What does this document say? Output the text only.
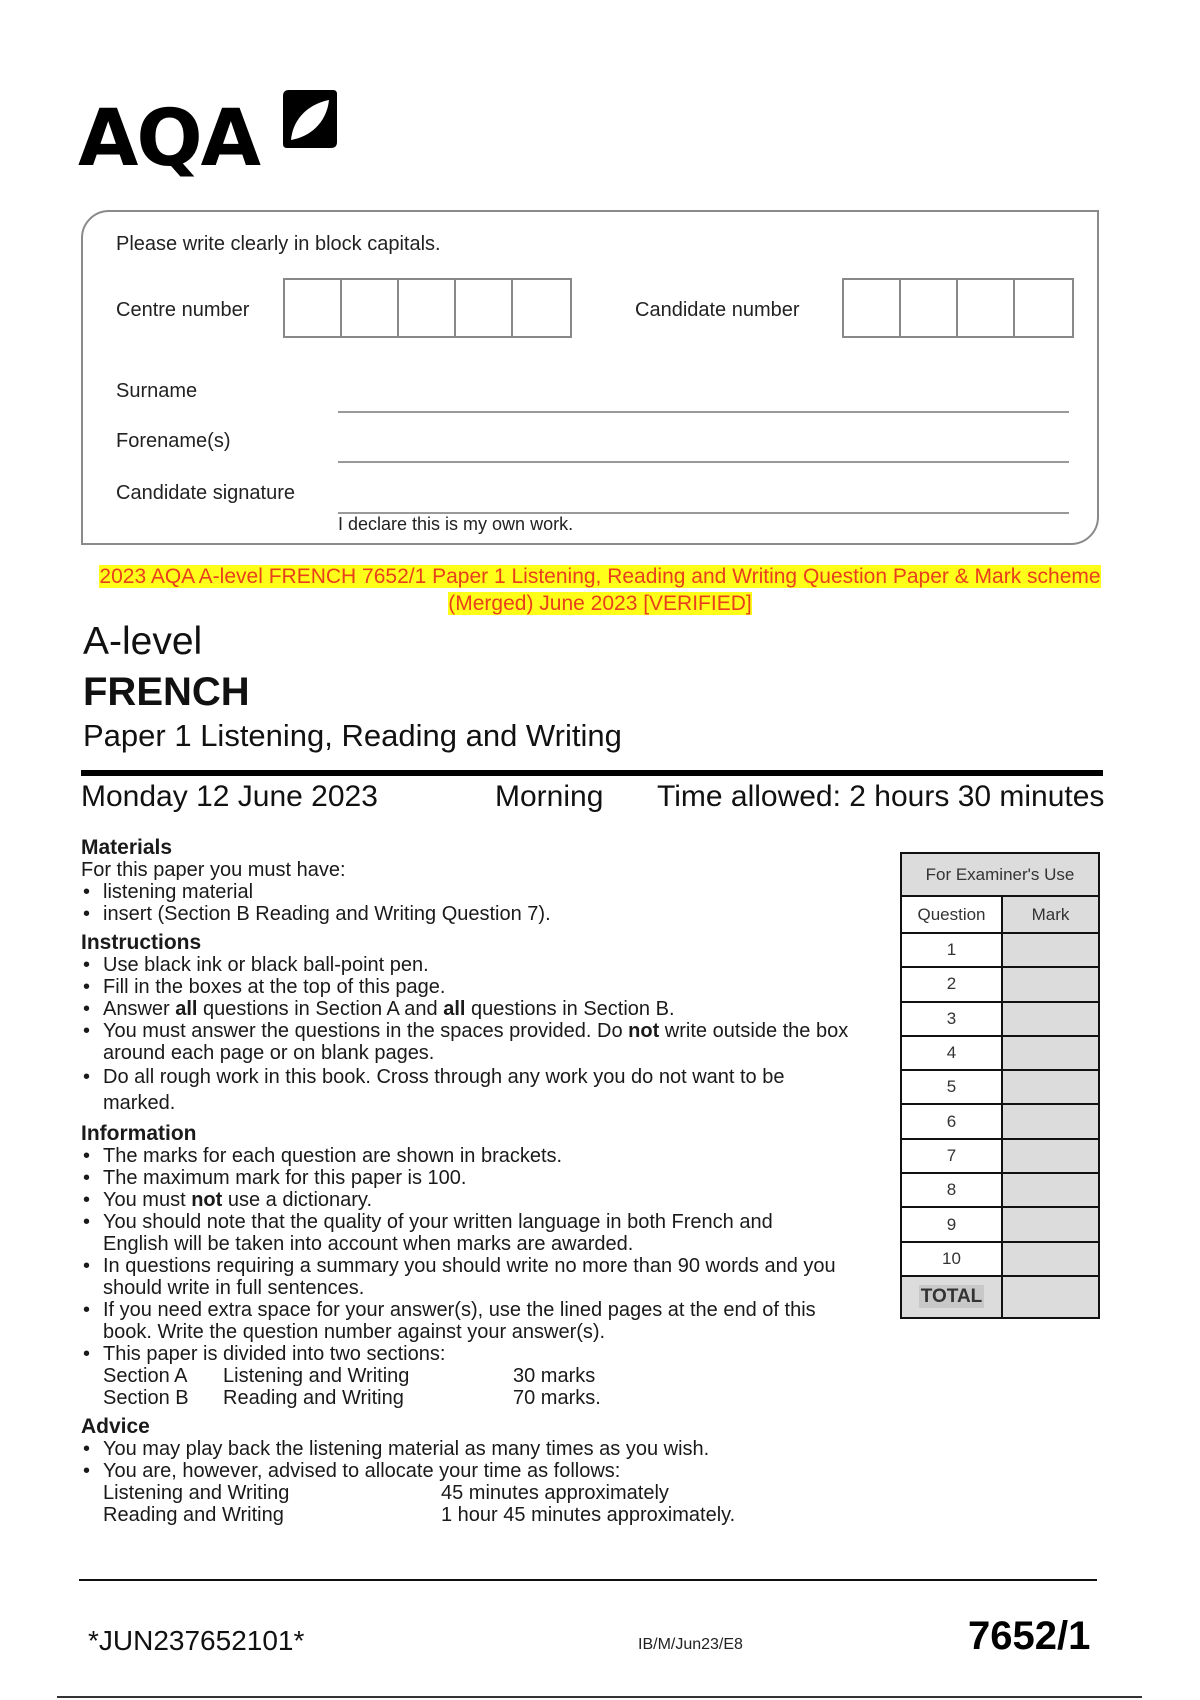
AQA
Please write clearly in block capitals.
Centre number	Candidate number
Surname
Forename(s)
Candidate signature
I declare this is my own work.
2023 AQA A-level FRENCH 7652/1 Paper 1 Listening, Reading and Writing Question Paper & Mark scheme (Merged) June 2023 [VERIFIED]
A-level
FRENCH
Paper 1 Listening, Reading and Writing
Monday 12 June 2023	Morning Time allowed: 2 hours 30 minutes
Materials
For this paper you must have:
• listening material
• insert (Section B Reading and Writing Question 7).
Instructions
• Use black ink or black ball-point pen.
• Fill in the boxes at the top of this page.
• Answer all questions in Section A and all questions in Section B.
• You must answer the questions in the spaces provided. Do not write outside the box around each page or on blank pages.
• Do all rough work in this book. Cross through any work you do not want to be marked.
Information
• The marks for each question are shown in brackets.
• The maximum mark for this paper is 100.
• You must not use a dictionary.
• You should note that the quality of your written language in both French and English will be taken into account when marks are awarded.
• In questions requiring a summary you should write no more than 90 words and you should write in full sentences.
• If you need extra space for your answer(s), use the lined pages at the end of this book. Write the question number against your answer(s).
• This paper is divided into two sections:
Section A	Listening and Writing	30 marks
Section B	Reading and Writing	70 marks.
Advice
• You may play back the listening material as many times as you wish.
• You are, however, advised to allocate your time as follows:
Listening and Writing	45 minutes approximately
Reading and Writing	1 hour 45 minutes approximately.
For Examiner's Use	
Question	Mark
1	
2	
3	
4	
5	
6	
7	
8	
9	
10	
TOTAL	
*JUN237652101*	IB/M/Jun23/E8	7652/1
